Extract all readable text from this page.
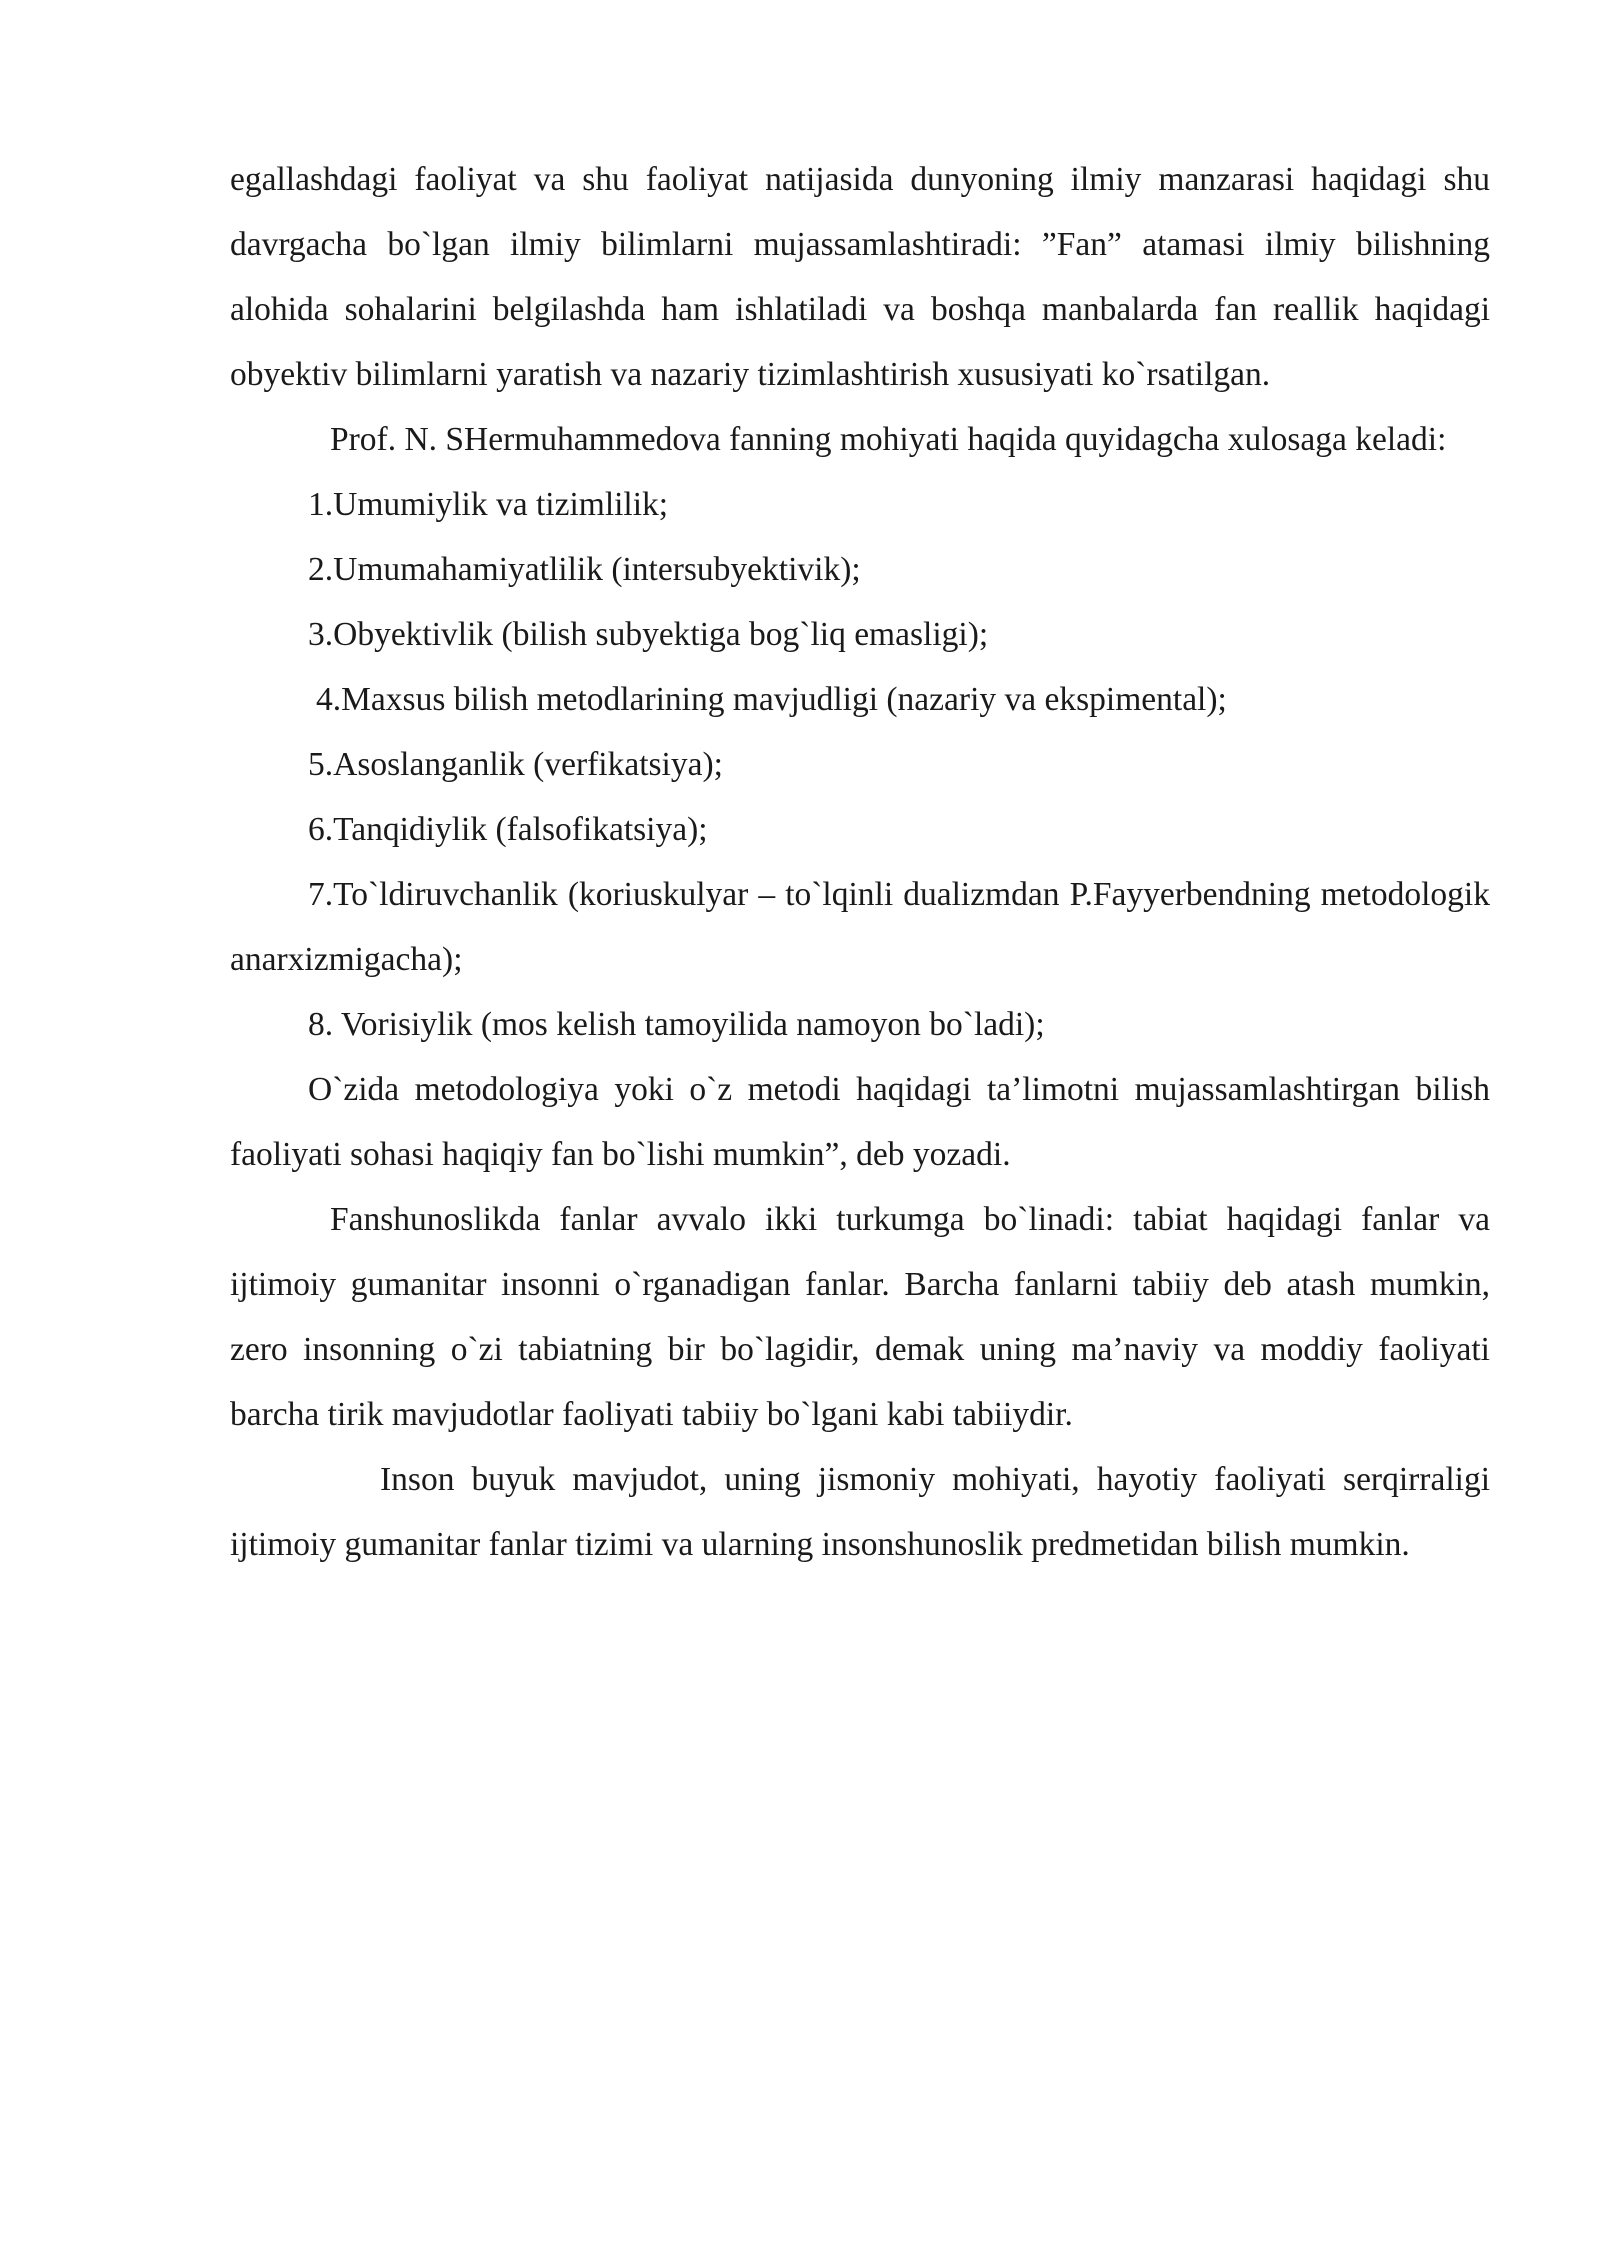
egallashdagi faoliyat va shu faoliyat natijasida dunyoning ilmiy manzarasi haqidagi shu davrgacha bo`lgan ilmiy bilimlarni mujassamlashtiradi: ”Fan” atamasi ilmiy bilishning alohida sohalarini belgilashda ham ishlatiladi va boshqa manbalarda fan reallik haqidagi obyektiv bilimlarni yaratish va nazariy tizimlashtirish xususiyati ko`rsatilgan.

Prof. N. SHermuhammedova fanning mohiyati haqida quyidagcha xulosaga keladi:

1.Umumiylik va tizimlilik;

2.Umumahamiyatlilik (intersubyektivik);

3.Obyektivlik (bilish subyektiga bog`liq emasligi);

4.Maxsus bilish metodlarining mavjudligi (nazariy va ekspimental);

5.Asoslanganlik (verfikatsiya);

6.Tanqidiylik (falsofikatsiya);

7.To`ldiruvchanlik (koriuskulyar – to`lqinli dualizmdan P.Fayyerbendning metodologik anarxizmigacha);

8. Vorisiylik (mos kelish tamoyilida namoyon bo`ladi);

O`zida metodologiya yoki o`z metodi haqidagi ta’limotni mujassamlashtirgan bilish faoliyati sohasi haqiqiy fan bo`lishi mumkin”, deb yozadi.

Fanshunoslikda fanlar avvalo ikki turkumga bo`linadi: tabiat haqidagi fanlar va ijtimoiy gumanitar insonni o`rganadigan fanlar. Barcha fanlarni tabiiy deb atash mumkin, zero insonning o`zi tabiatning bir bo`lagidir, demak uning ma’naviy va moddiy faoliyati barcha tirik mavjudotlar faoliyati tabiiy bo`lgani kabi tabiiydir.

Inson buyuk mavjudot, uning jismoniy mohiyati, hayotiy faoliyati serqirraligi ijtimoiy gumanitar fanlar tizimi va ularning insonshunoslik predmetidan bilish mumkin.
